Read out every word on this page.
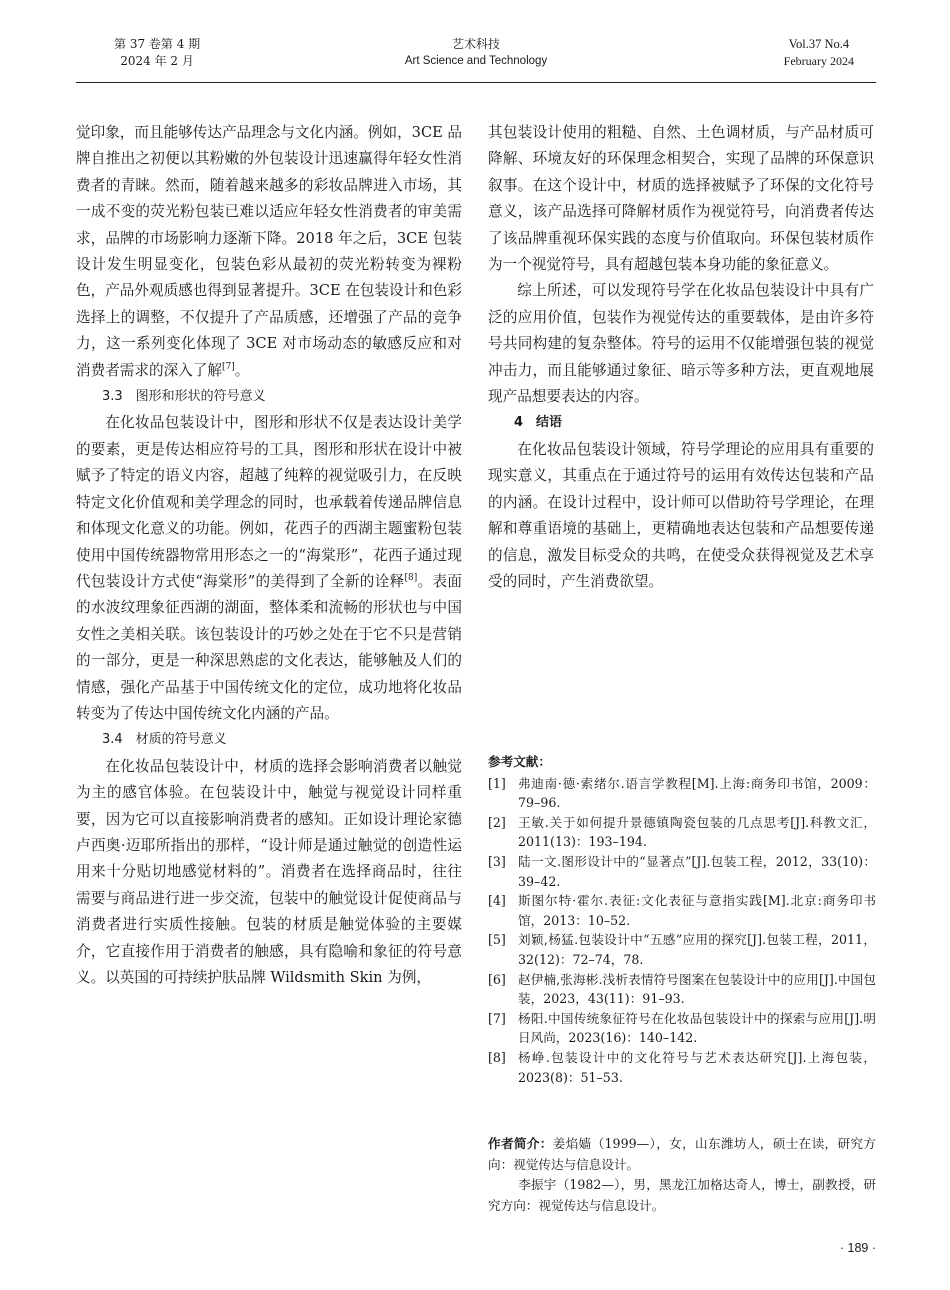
第 37 卷第 4 期
2024 年 2 月
艺术科技
Art Science and Technology
Vol.37 No.4
February 2024

觉印象，而且能够传达产品理念与文化内涵。例如，3CE 品牌自推出之初便以其粉嫩的外包装设计迅速赢得年轻女性消费者的青睐。然而，随着越来越多的彩妆品牌进入市场，其一成不变的荧光粉包装已难以适应年轻女性消费者的审美需求，品牌的市场影响力逐渐下降。2018 年之后，3CE 包装设计发生明显变化，包装色彩从最初的荧光粉转变为裸粉色，产品外观质感也得到显著提升。3CE 在包装设计和色彩选择上的调整，不仅提升了产品质感，还增强了产品的竞争力，这一系列变化体现了 3CE 对市场动态的敏感反应和对消费者需求的深入了解[7]。

3.3　图形和形状的符号意义

在化妆品包装设计中，图形和形状不仅是表达设计美学的要素，更是传达相应符号的工具，图形和形状在设计中被赋予了特定的语义内容，超越了纯粹的视觉吸引力，在反映特定文化价值观和美学理念的同时，也承载着传递品牌信息和体现文化意义的功能。例如，花西子的西湖主题蜜粉包装使用中国传统器物常用形态之一的“海棠形”，花西子通过现代包装设计方式使“海棠形”的美得到了全新的诠释[8]。表面的水波纹理象征西湖的湖面，整体柔和流畅的形状也与中国女性之美相关联。该包装设计的巧妙之处在于它不只是营销的一部分，更是一种深思熟虑的文化表达，能够触及人们的情感，强化产品基于中国传统文化的定位，成功地将化妆品转变为了传达中国传统文化内涵的产品。

3.4　材质的符号意义

在化妆品包装设计中，材质的选择会影响消费者以触觉为主的感官体验。在包装设计中，触觉与视觉设计同样重要，因为它可以直接影响消费者的感知。正如设计理论家德卢西奥·迈耶所指出的那样，“设计师是通过触觉的创造性运用来十分贴切地感觉材料的”。消费者在选择商品时，往往需要与商品进行进一步交流，包装中的触觉设计促使商品与消费者进行实质性接触。包装的材质是触觉体验的主要媒介，它直接作用于消费者的触感，具有隐喻和象征的符号意义。以英国的可持续护肤品牌 Wildsmith Skin 为例，

其包装设计使用的粗糙、自然、土色调材质，与产品材质可降解、环境友好的环保理念相契合，实现了品牌的环保意识叙事。在这个设计中，材质的选择被赋予了环保的文化符号意义，该产品选择可降解材质作为视觉符号，向消费者传达了该品牌重视环保实践的态度与价值取向。环保包装材质作为一个视觉符号，具有超越包装本身功能的象征意义。

综上所述，可以发现符号学在化妆品包装设计中具有广泛的应用价值，包装作为视觉传达的重要载体，是由许多符号共同构建的复杂整体。符号的运用不仅能增强包装的视觉冲击力，而且能够通过象征、暗示等多种方法，更直观地展现产品想要表达的内容。

4　结语

在化妆品包装设计领域，符号学理论的应用具有重要的现实意义，其重点在于通过符号的运用有效传达包装和产品的内涵。在设计过程中，设计师可以借助符号学理论，在理解和尊重语境的基础上，更精确地表达包装和产品想要传递的信息，激发目标受众的共鸣，在使受众获得视觉及艺术享受的同时，产生消费欲望。

参考文献：
[1] 弗迪南·德·索绪尔.语言学教程[M].上海:商务印书馆，2009：79–96.
[2] 王敏.关于如何提升景德镇陶瓷包装的几点思考[J].科教文汇，2011(13)：193–194.
[3] 陆一文.图形设计中的“显著点”[J].包装工程，2012，33(10)：39–42.
[4] 斯图尔特·霍尔.表征:文化表征与意指实践[M].北京:商务印书馆，2013：10–52.
[5] 刘颖,杨猛.包装设计中“五感”应用的探究[J].包装工程，2011，32(12)：72–74，78.
[6] 赵伊楠,张海彬.浅析表情符号图案在包装设计中的应用[J].中国包装，2023，43(11)：91–93.
[7] 杨阳.中国传统象征符号在化妆品包装设计中的探索与应用[J].明日风尚，2023(16)：140–142.
[8] 杨峥.包装设计中的文化符号与艺术表达研究[J].上海包装，2023(8)：51–53.

作者简介：姜焰嫱（1999—），女，山东潍坊人，硕士在读，研究方向：视觉传达与信息设计。

李振宇（1982—），男，黑龙江加格达奇人，博士，副教授，研究方向：视觉传达与信息设计。

· 189 ·
